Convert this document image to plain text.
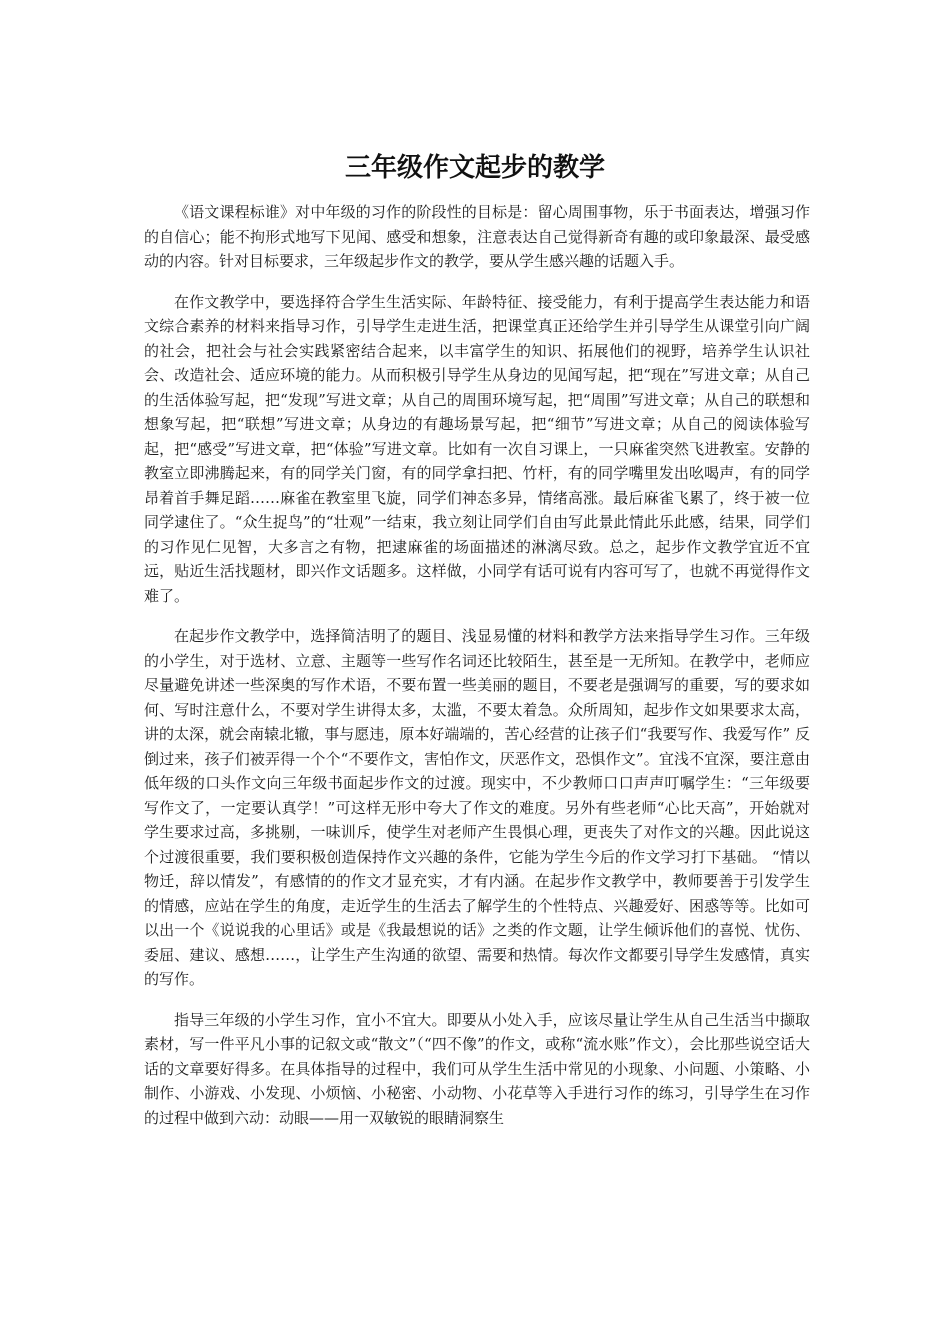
三年级作文起步的教学

《语文课程标谁》对中年级的习作的阶段性的目标是：留心周围事物，乐于书面表达，增强习作的自信心；能不拘形式地写下见闻、感受和想象，注意表达自己觉得新奇有趣的或印象最深、最受感动的内容。针对目标要求，三年级起步作文的教学，要从学生感兴趣的话题入手。

在作文教学中，要选择符合学生生活实际、年龄特征、接受能力，有利于提高学生表达能力和语文综合素养的材料来指导习作，引导学生走进生活，把课堂真正还给学生并引导学生从课堂引向广阔的社会，把社会与社会实践紧密结合起来，以丰富学生的知识、拓展他们的视野，培养学生认识社会、改造社会、适应环境的能力。从而积极引导学生从身边的见闻写起，把“现在”写进文章；从自己的生活体验写起，把“发现”写进文章；从自己的周围环境写起，把“周围”写进文章；从自己的联想和想象写起，把“联想”写进文章；从身边的有趣场景写起，把“细节”写进文章；从自己的阅读体验写起，把“感受”写进文章，把“体验”写进文章。比如有一次自习课上，一只麻雀突然飞进教室。安静的教室立即沸腾起来，有的同学关门窗，有的同学拿扫把、竹杆，有的同学嘴里发出吆喝声，有的同学昂着首手舞足蹈……麻雀在教室里飞旋，同学们神态多异，情绪高涨。最后麻雀飞累了，终于被一位同学逮住了。“众生捉鸟”的“壮观”一结束，我立刻让同学们自由写此景此情此乐此感，结果，同学们的习作见仁见智，大多言之有物，把逮麻雀的场面描述的淋漓尽致。总之，起步作文教学宜近不宜远，贴近生活找题材，即兴作文话题多。这样做，小同学有话可说有内容可写了，也就不再觉得作文难了。

在起步作文教学中，选择简洁明了的题目、浅显易懂的材料和教学方法来指导学生习作。三年级的小学生，对于选材、立意、主题等一些写作名词还比较陌生，甚至是一无所知。在教学中，老师应尽量避免讲述一些深奥的写作术语，不要布置一些美丽的题目，不要老是强调写的重要，写的要求如何、写时注意什么，不要对学生讲得太多，太滥，不要太着急。众所周知，起步作文如果要求太高，讲的太深，就会南辕北辙，事与愿违，原本好端端的，苦心经营的让孩子们“我要写作、我爱写作” 反倒过来，孩子们被弄得一个个“不要作文，害怕作文，厌恶作文，恐惧作文”。宜浅不宜深，要注意由低年级的口头作文向三年级书面起步作文的过渡。现实中，不少教师口口声声叮嘱学生：“三年级要写作文了，一定要认真学！”可这样无形中夸大了作文的难度。另外有些老师“心比天高”，开始就对学生要求过高，多挑剔，一味训斥，使学生对老师产生畏惧心理，更丧失了对作文的兴趣。因此说这个过渡很重要，我们要积极创造保持作文兴趣的条件，它能为学生今后的作文学习打下基础。 “情以物迁，辞以情发”，有感情的的作文才显充实，才有内涵。在起步作文教学中，教师要善于引发学生的情感，应站在学生的角度，走近学生的生活去了解学生的个性特点、兴趣爱好、困惑等等。比如可以出一个《说说我的心里话》或是《我最想说的话》之类的作文题，让学生倾诉他们的喜悦、忧伤、委屈、建议、感想……，让学生产生沟通的欲望、需要和热情。每次作文都要引导学生发感情，真实的写作。

指导三年级的小学生习作，宜小不宜大。即要从小处入手，应该尽量让学生从自己生活当中撷取素材，写一件平凡小事的记叙文或“散文”（“四不像”的作文，或称“流水账”作文），会比那些说空话大话的文章要好得多。在具体指导的过程中，我们可从学生生活中常见的小现象、小问题、小策略、小制作、小游戏、小发现、小烦恼、小秘密、小动物、小花草等入手进行习作的练习，引导学生在习作的过程中做到六动：动眼——用一双敏锐的眼睛洞察生
